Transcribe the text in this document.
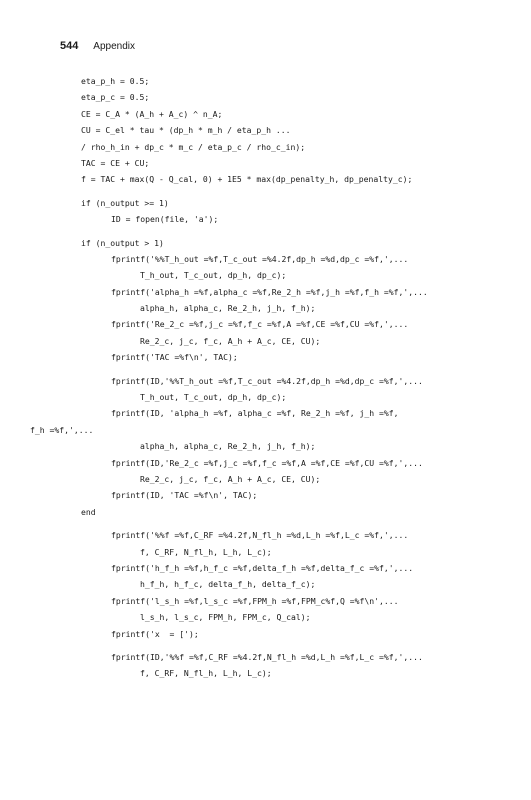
544 Appendix
eta_p_h = 0.5;
eta_p_c = 0.5;
CE = C_A * (A_h + A_c) ^ n_A;
CU = C_el * tau * (dp_h * m_h / eta_p_h ...
/ rho_h_in + dp_c * m_c / eta_p_c / rho_c_in);
TAC = CE + CU;
f = TAC + max(Q - Q_cal, 0) + 1E5 * max(dp_penalty_h, dp_penalty_c);
if (n_output >= 1)
ID = fopen(file, 'a');
if (n_output > 1)
fprintf('%%T_h_out =%f,T_c_out =%4.2f,dp_h =%d,dp_c =%f,',...
T_h_out, T_c_out, dp_h, dp_c);
fprintf('alpha_h =%f,alpha_c =%f,Re_2_h =%f,j_h =%f,f_h =%f,',...
alpha_h, alpha_c, Re_2_h, j_h, f_h);
fprintf('Re_2_c =%f,j_c =%f,f_c =%f,A =%f,CE =%f,CU =%f,',...
Re_2_c, j_c, f_c, A_h + A_c, CE, CU);
fprintf('TAC =%f\n', TAC);
fprintf(ID,'%%T_h_out =%f,T_c_out =%4.2f,dp_h =%d,dp_c =%f,',...
T_h_out, T_c_out, dp_h, dp_c);
fprintf(ID, 'alpha_h =%f, alpha_c =%f, Re_2_h =%f, j_h =%f,
f_h =%f,',...
alpha_h, alpha_c, Re_2_h, j_h, f_h);
fprintf(ID,'Re_2_c =%f,j_c =%f,f_c =%f,A =%f,CE =%f,CU =%f,',...
Re_2_c, j_c, f_c, A_h + A_c, CE, CU);
fprintf(ID, 'TAC =%f\n', TAC);
end
fprintf('%%f =%f,C_RF =%4.2f,N_fl_h =%d,L_h =%f,L_c =%f,',...
f, C_RF, N_fl_h, L_h, L_c);
fprintf('h_f_h =%f,h_f_c =%f,delta_f_h =%f,delta_f_c =%f,',...
h_f_h, h_f_c, delta_f_h, delta_f_c);
fprintf('l_s_h =%f,l_s_c =%f,FPM_h =%f,FPM_c%f,Q =%f\n',...
l_s_h, l_s_c, FPM_h, FPM_c, Q_cal);
fprintf('x  = [');
fprintf(ID,'%%f =%f,C_RF =%4.2f,N_fl_h =%d,L_h =%f,L_c =%f,',...
f, C_RF, N_fl_h, L_h, L_c);
